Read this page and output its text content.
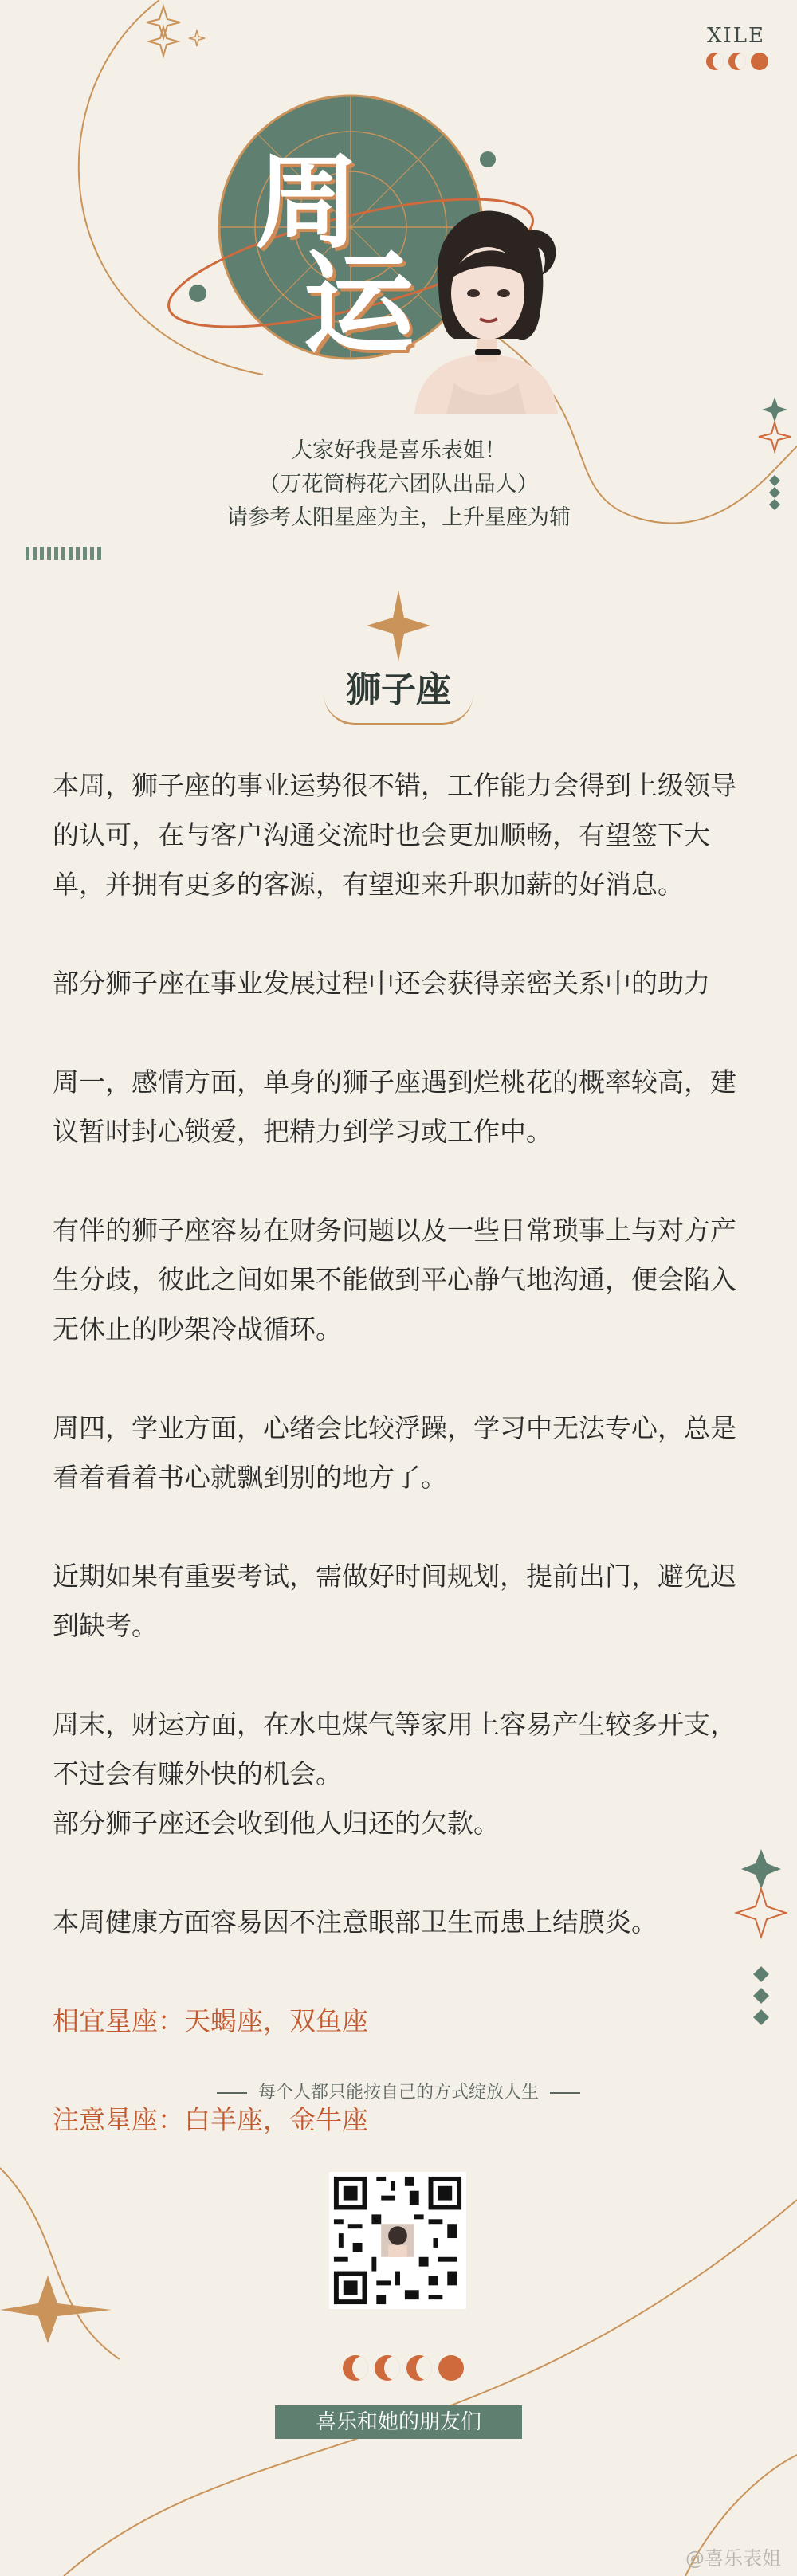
XILE
周
运
大家好我是喜乐表姐！
（万花筒梅花六团队出品人）
请参考太阳星座为主，上升星座为辅
狮子座

本周，狮子座的事业运势很不错，工作能力会得到上级领导的认可，在与客户沟通交流时也会更加顺畅，有望签下大单，并拥有更多的客源，有望迎来升职加薪的好消息。

部分狮子座在事业发展过程中还会获得亲密关系中的助力

周一，感情方面，单身的狮子座遇到烂桃花的概率较高，建议暂时封心锁爱，把精力到学习或工作中。

有伴的狮子座容易在财务问题以及一些日常琐事上与对方产生分歧，彼此之间如果不能做到平心静气地沟通，便会陷入无休止的吵架冷战循环。

周四，学业方面，心绪会比较浮躁，学习中无法专心，总是看着看着书心就飘到别的地方了。

近期如果有重要考试，需做好时间规划，提前出门，避免迟到缺考。

周末，财运方面，在水电煤气等家用上容易产生较多开支，不过会有赚外快的机会。

部分狮子座还会收到他人归还的欠款。

本周健康方面容易因不注意眼部卫生而患上结膜炎。

相宜星座：天蝎座，双鱼座

注意星座：白羊座，金牛座

每个人都只能按自己的方式绽放人生
喜乐和她的朋友们
@喜乐表姐
